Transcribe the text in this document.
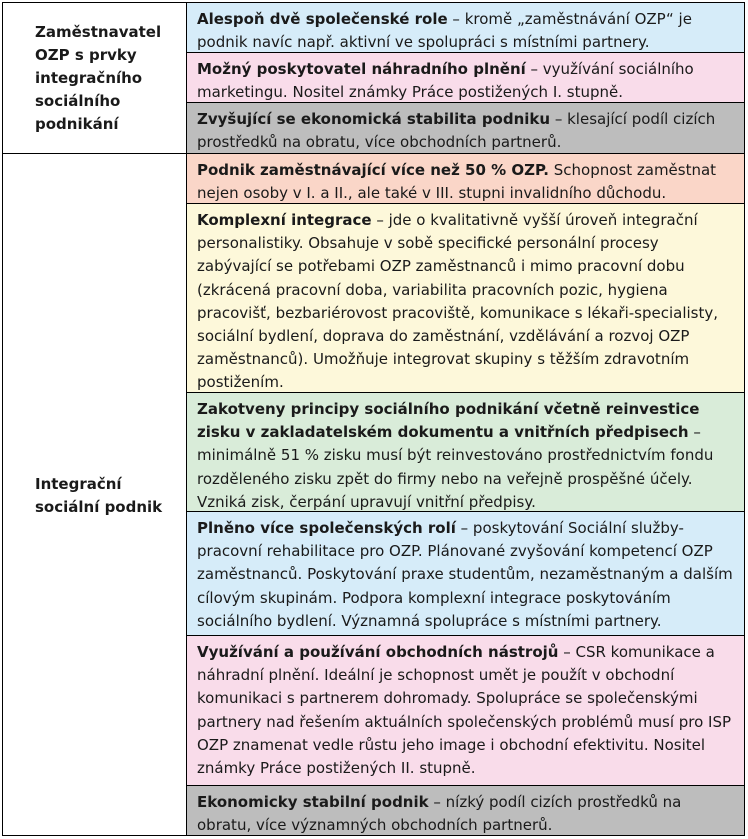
Zaměstnavatel OZP s prvky integračního sociálního podnikání
Integrační sociální podnik
Alespoň dvě společenské role – kromě „zaměstnávání OZP“ je podnik navíc např. aktivní ve spolupráci s místními partnery.
Možný poskytovatel náhradního plnění – využívání sociálního marketingu. Nositel známky Práce postižených I. stupně.
Zvyšující se ekonomická stabilita podniku – klesající podíl cizích prostředků na obratu, více obchodních partnerů.
Podnik zaměstnávající více než 50 % OZP. Schopnost zaměstnat nejen osoby v I. a II., ale také v III. stupni invalidního důchodu.
Komplexní integrace – jde o kvalitativně vyšší úroveň integrační personalistiky. Obsahuje v sobě specifické personální procesy zabývající se potřebami OZP zaměstnanců i mimo pracovní dobu (zkrácená pracovní doba, variabilita pracovních pozic, hygiena pracovišť, bezbariérovost pracoviště, komunikace s lékaři-specialisty, sociální bydlení, doprava do zaměstnání, vzdělávání a rozvoj OZP zaměstnanců). Umožňuje integrovat skupiny s těžším zdravotním postižením.
Zakotveny principy sociálního podnikání včetně reinvestice zisku v zakladatelském dokumentu a vnitřních předpisech – minimálně 51 % zisku musí být reinvestováno prostřednictvím fondu rozděleného zisku zpět do firmy nebo na veřejně prospěšné účely. Vzniká zisk, čerpání upravují vnitřní předpisy.
Plněno více společenských rolí – poskytování Sociální služby-pracovní rehabilitace pro OZP. Plánované zvyšování kompetencí OZP zaměstnanců. Poskytování praxe studentům, nezaměstnaným a dalším cílovým skupinám. Podpora komplexní integrace poskytováním sociálního bydlení. Významná spolupráce s místními partnery.
Využívání a používání obchodních nástrojů – CSR komunikace a náhradní plnění. Ideální je schopnost umět je použít v obchodní komunikaci s partnerem dohromady. Spolupráce se společenskými partnery nad řešením aktuálních společenských problémů musí pro ISP OZP znamenat vedle růstu jeho image i obchodní efektivitu. Nositel známky Práce postižených II. stupně.
Ekonomicky stabilní podnik – nízký podíl cizích prostředků na obratu, více významných obchodních partnerů.
